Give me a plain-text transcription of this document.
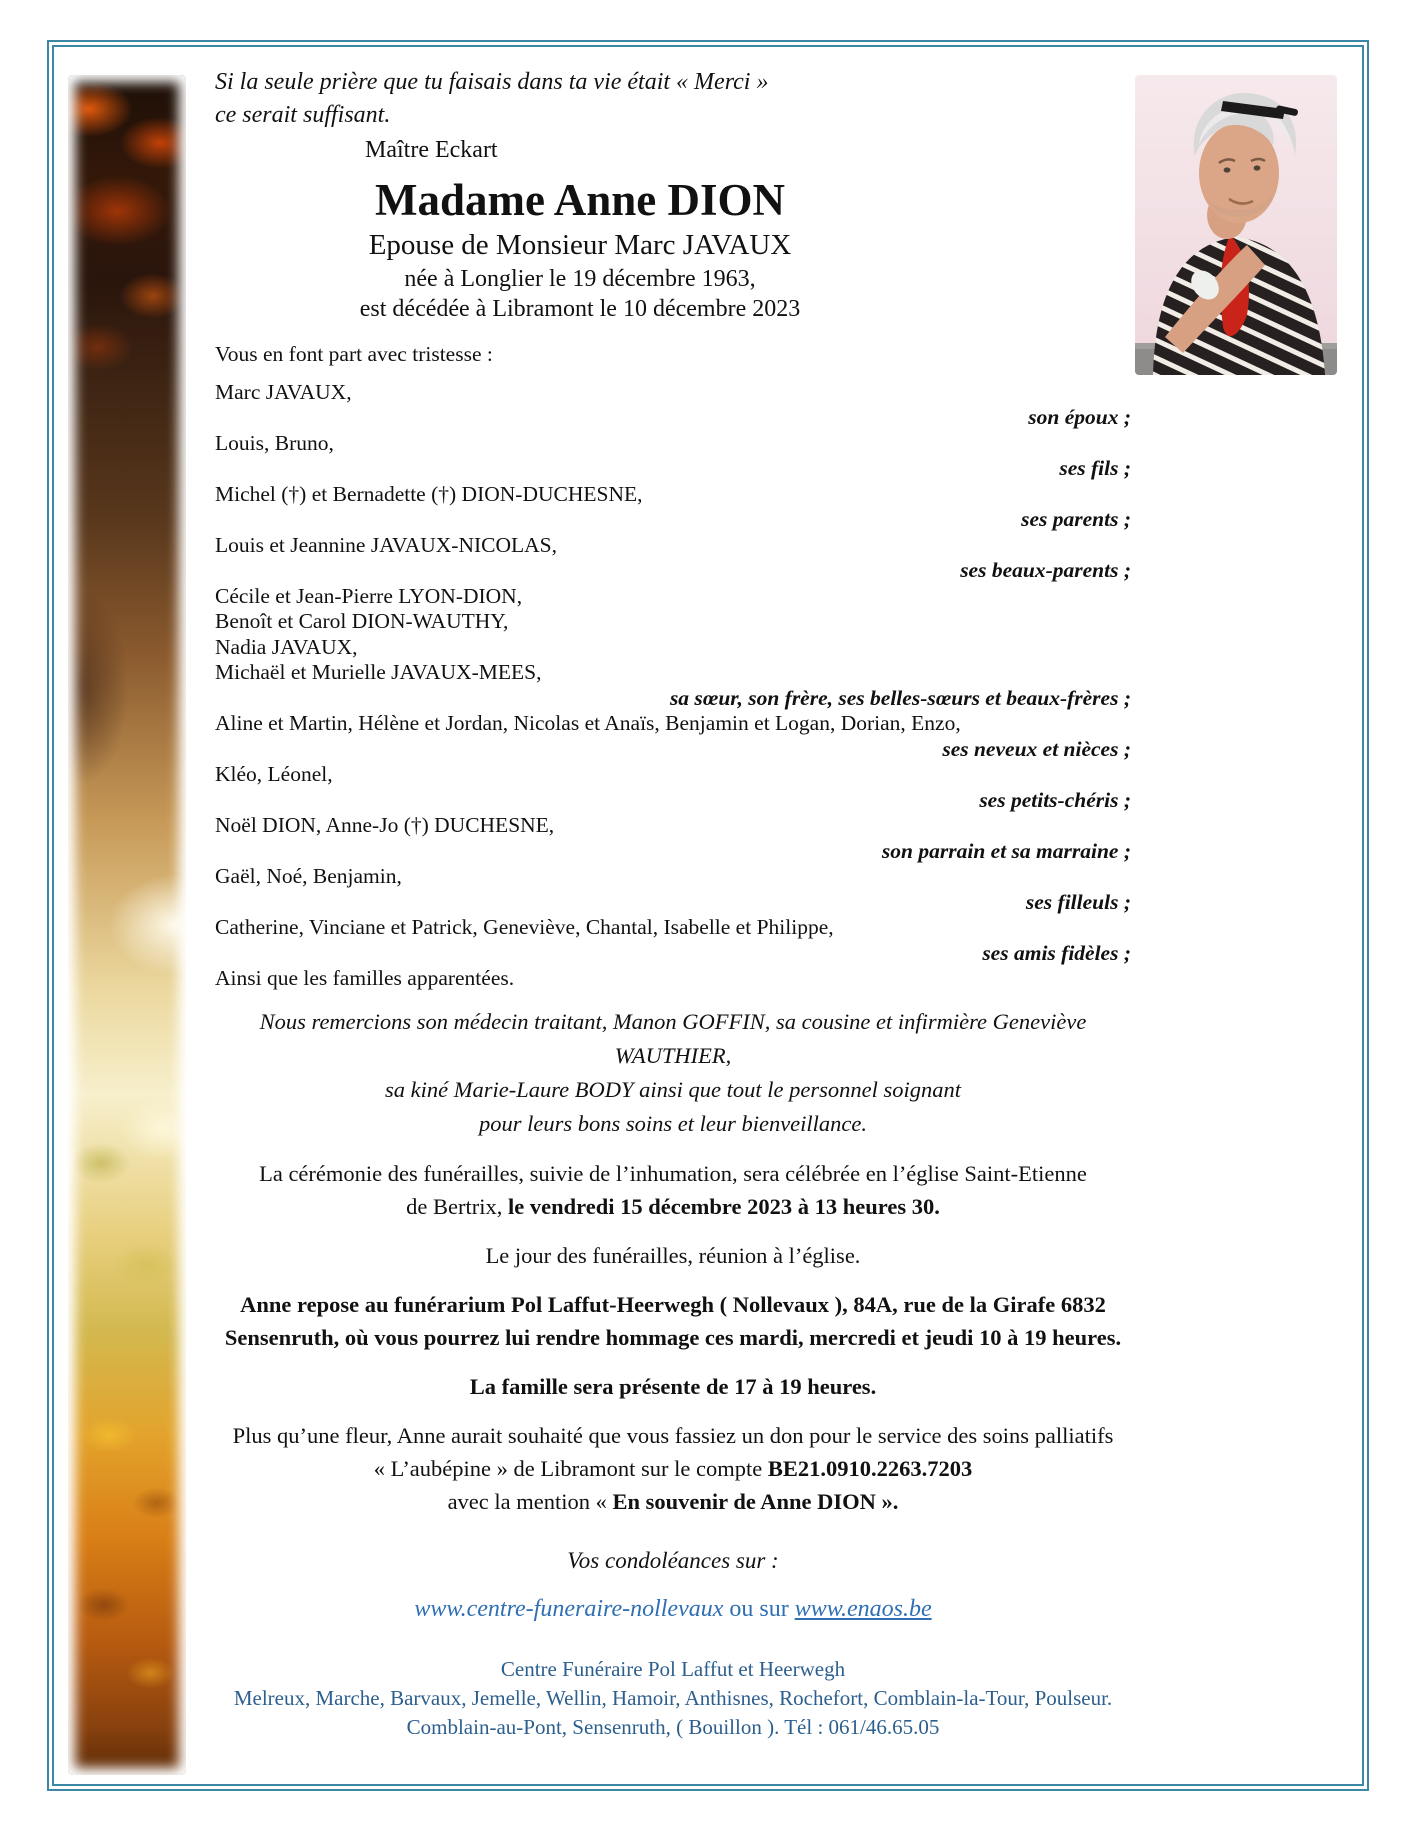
Si la seule prière que tu faisais dans ta vie était « Merci »
ce serait suffisant.
Maître Eckart
Madame Anne DION
Epouse de Monsieur Marc JAVAUX
née à Longlier le 19 décembre 1963,
est décédée à Libramont le 10 décembre 2023
Vous en font part avec tristesse :
Marc JAVAUX,
son époux ;
Louis, Bruno,
ses fils ;
Michel (†) et Bernadette (†) DION-DUCHESNE,
ses parents ;
Louis et Jeannine JAVAUX-NICOLAS,
ses beaux-parents ;
Cécile et Jean-Pierre LYON-DION,
Benoît et Carol DION-WAUTHY,
Nadia JAVAUX,
Michaël et Murielle JAVAUX-MEES,
sa sœur, son frère, ses belles-sœurs et beaux-frères ;
Aline et Martin, Hélène et Jordan, Nicolas et Anaïs, Benjamin et Logan, Dorian, Enzo,
ses neveux et nièces ;
Kléo, Léonel,
ses petits-chéris ;
Noël DION, Anne-Jo (†) DUCHESNE,
son parrain et sa marraine ;
Gaël, Noé, Benjamin,
ses filleuls ;
Catherine, Vinciane et Patrick, Geneviève, Chantal, Isabelle et Philippe,
ses amis fidèles ;
Ainsi que les familles apparentées.
Nous remercions son médecin traitant, Manon GOFFIN, sa cousine et infirmière Geneviève WAUTHIER,
sa kiné Marie-Laure BODY ainsi que tout le personnel soignant
pour leurs bons soins et leur bienveillance.
La cérémonie des funérailles, suivie de l’inhumation, sera célébrée en l’église Saint-Etienne
de Bertrix, le vendredi 15 décembre 2023 à 13 heures 30.
Le jour des funérailles, réunion à l’église.
Anne repose au funérarium Pol Laffut-Heerwegh ( Nollevaux ), 84A, rue de la Girafe 6832 Sensenruth, où vous pourrez lui rendre hommage ces mardi, mercredi et jeudi 10 à 19 heures.
La famille sera présente de 17 à 19 heures.
Plus qu’une fleur, Anne aurait souhaité que vous fassiez un don pour le service des soins palliatifs
« L’aubépine » de Libramont sur le compte BE21.0910.2263.7203
avec la mention « En souvenir de Anne DION ».
Vos condoléances sur :
www.centre-funeraire-nollevaux ou sur www.enaos.be
Centre Funéraire Pol Laffut et Heerwegh
Melreux, Marche, Barvaux, Jemelle, Wellin, Hamoir, Anthisnes, Rochefort, Comblain-la-Tour, Poulseur.
Comblain-au-Pont, Sensenruth, ( Bouillon ). Tél : 061/46.65.05
